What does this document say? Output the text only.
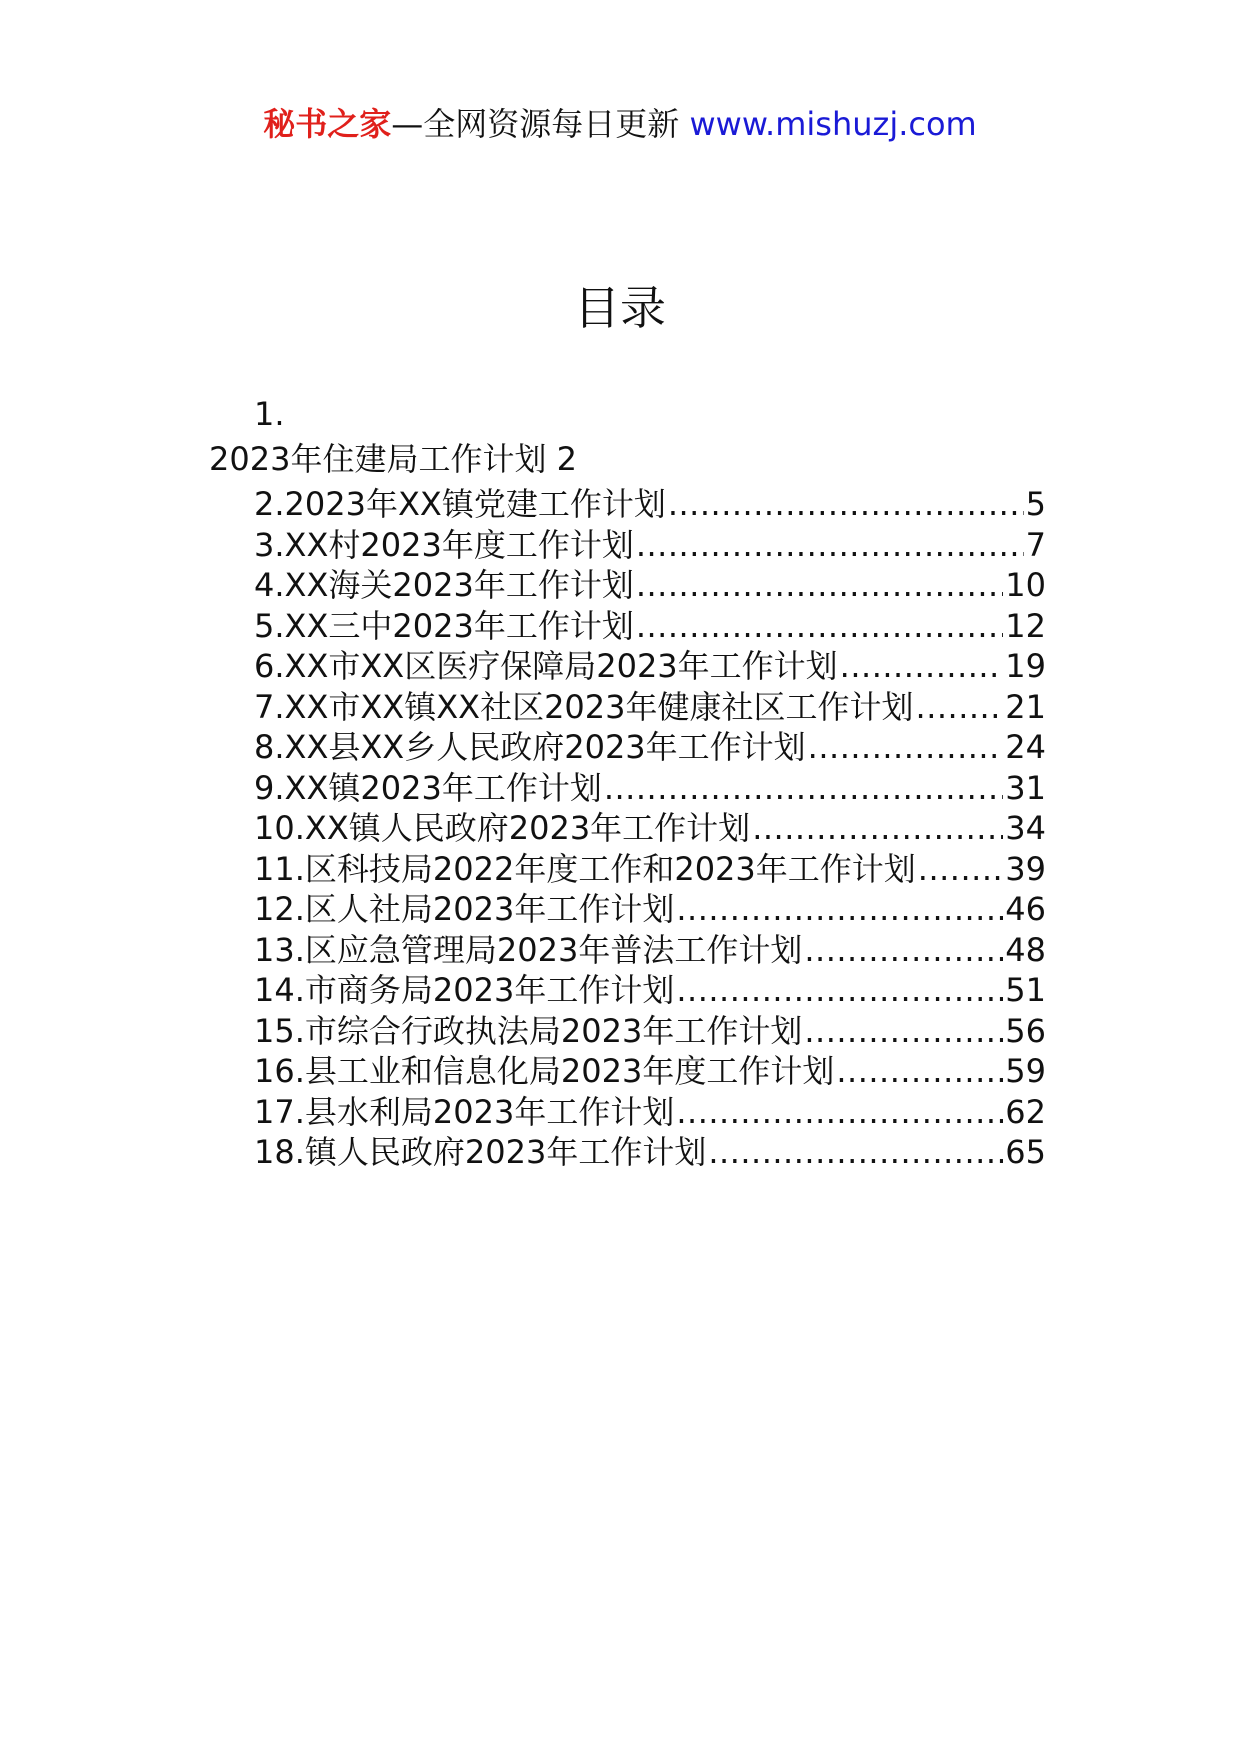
秘书之家—全网资源每日更新 www.mishuzj.com
目录
1.
2023年住建局工作计划 2
2.2023年XX镇党建工作计划 .....	5
3.XX村2023年度工作计划 .....	7
4.XX海关2023年工作计划 .....	10
5.XX三中2023年工作计划 .....	12
6.XX市XX区医疗保障局2023年工作计划 .....	19
7.XX市XX镇XX社区2023年健康社区工作计划 .....	21
8.XX县XX乡人民政府2023年工作计划 .....	24
9.XX镇2023年工作计划 .....	31
10.XX镇人民政府2023年工作计划 .....	34
11.区科技局2022年度工作和2023年工作计划 .....	39
12.区人社局2023年工作计划 .....	46
13.区应急管理局2023年普法工作计划 .....	48
14.市商务局2023年工作计划 .....	51
15.市综合行政执法局2023年工作计划 .....	56
16.县工业和信息化局2023年度工作计划 .....	59
17.县水利局2023年工作计划 .....	62
18.镇人民政府2023年工作计划 .....	65
